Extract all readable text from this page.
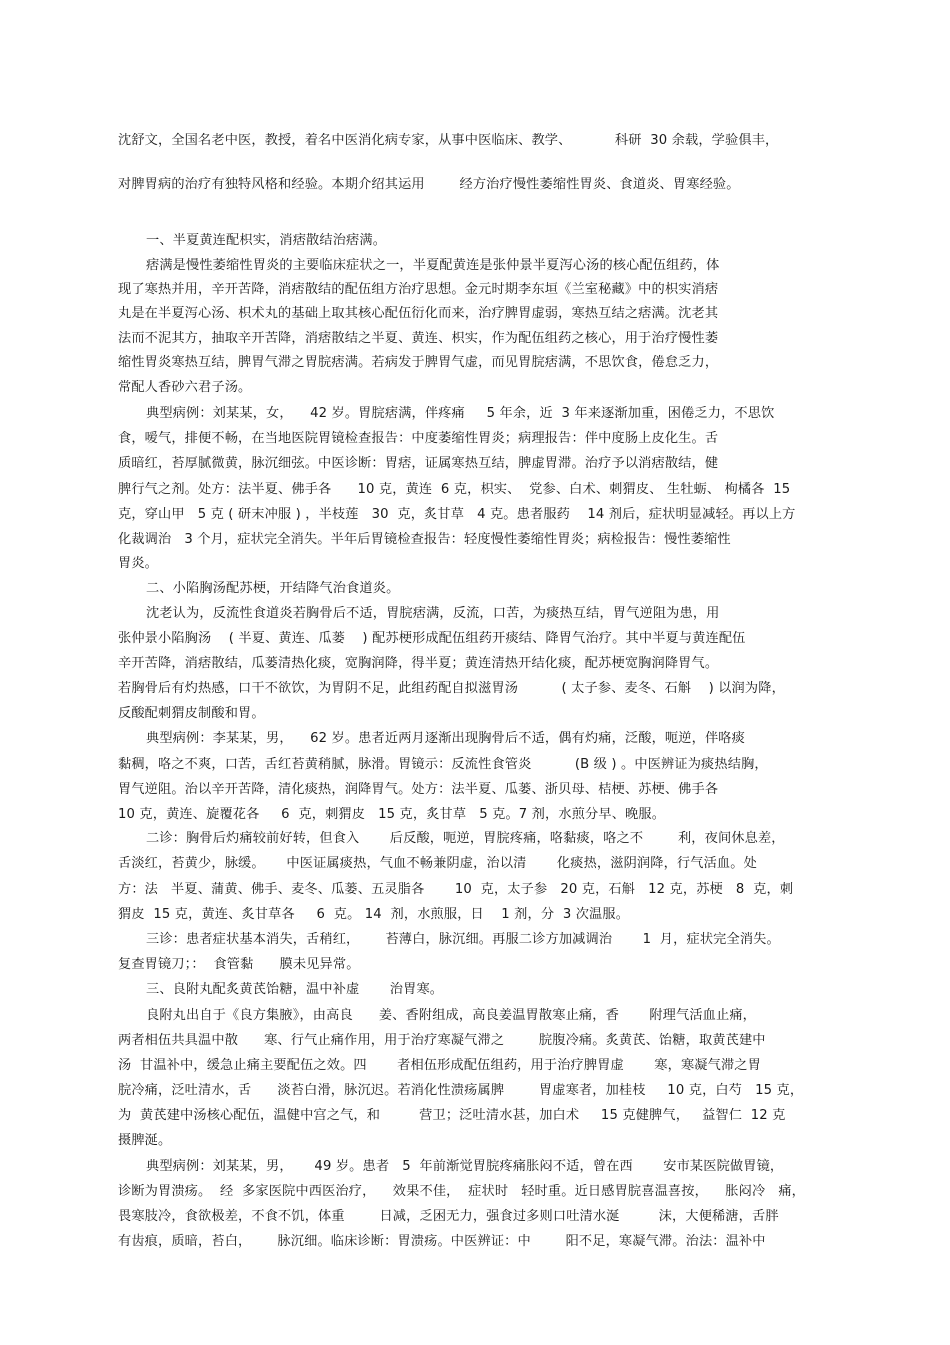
沈舒文，全国名老中医，教授，着名中医消化病专家，从事中医临床、教学、          科研  30 余载，学验俱丰，
对脾胃病的治疗有独特风格和经验。本期介绍其运用        经方治疗慢性萎缩性胃炎、食道炎、胃寒经验。
一、半夏黄连配枳实，消痞散结治痞满。
痞满是慢性萎缩性胃炎的主要临床症状之一，半夏配黄连是张仲景半夏泻心汤的核心配伍组药，体
现了寒热并用，辛开苦降，消痞散结的配伍组方治疗思想。金元时期李东垣《兰室秘藏》中的枳实消痞
丸是在半夏泻心汤、枳术丸的基础上取其核心配伍衍化而来，治疗脾胃虚弱，寒热互结之痞满。沈老其
法而不泥其方，抽取辛开苦降，消痞散结之半夏、黄连、枳实，作为配伍组药之核心，用于治疗慢性萎
缩性胃炎寒热互结，脾胃气滞之胃脘痞满。若病发于脾胃气虚，而见胃脘痞满，不思饮食，倦怠乏力，
常配人香砂六君子汤。
典型病例：刘某某，女，    42 岁。胃脘痞满，伴疼痛     5 年余，近  3 年来逐渐加重，困倦乏力，不思饮
食，嗳气，排便不畅，在当地医院胃镜检查报告：中度萎缩性胃炎；病理报告：伴中度肠上皮化生。舌
质暗红，苔厚腻微黄，脉沉细弦。中医诊断：胃痞，证属寒热互结，脾虚胃滞。治疗予以消痞散结，健
脾行气之剂。处方：法半夏、佛手各      10 克，黄连  6 克，枳实、  党参、白术、刺猬皮、 生牡蛎、 枸橘各  15
克，穿山甲   5 克 ( 研末冲服 ) ，半枝莲   30  克，炙甘草   4 克。患者服药    14 剂后，症状明显减轻。再以上方
化裁调治   3 个月，症状完全消失。半年后胃镜检查报告：轻度慢性萎缩性胃炎；病检报告：慢性萎缩性
胃炎。
二、小陷胸汤配苏梗，开结降气治食道炎。
沈老认为，反流性食道炎若胸骨后不适，胃脘痞满，反流，口苦，为痰热互结，胃气逆阻为患，用
张仲景小陷胸汤    ( 半夏、黄连、瓜蒌    ) 配苏梗形成配伍组药开痰结、降胃气治疗。其中半夏与黄连配伍
辛开苦降，消痞散结，瓜蒌清热化痰，宽胸润降，得半夏；黄连清热开结化痰，配苏梗宽胸润降胃气。
若胸骨后有灼热感，口干不欲饮，为胃阴不足，此组药配自拟滋胃汤          ( 太子参、麦冬、石斛    ) 以润为降，
反酸配刺猬皮制酸和胃。
典型病例：李某某，男，    62 岁。患者近两月逐渐出现胸骨后不适，偶有灼痛，泛酸，呃逆，伴咯痰
黏稠，咯之不爽，口苦，舌红苔黄稍腻，脉滑。胃镜示：反流性食管炎          (B 级 ) 。中医辨证为痰热结胸，
胃气逆阻。治以辛开苦降，清化痰热，润降胃气。处方：法半夏、瓜蒌、浙贝母、桔梗、苏梗、佛手各
10 克，黄连、旋覆花各     6  克，刺猬皮   15 克，炙甘草   5 克。7 剂，水煎分早、晚服。
二诊：胸骨后灼痛较前好转，但食入       后反酸，呃逆，胃脘疼痛，咯黏痰，咯之不        利，夜间休息差，
舌淡红，苔黄少，脉缓。     中医证属痰热，气血不畅兼阴虚，治以清       化痰热，滋阴润降，行气活血。处
方：法   半夏、蒲黄、佛手、麦冬、瓜蒌、五灵脂各       10  克，太子参   20 克，石斛   12 克，苏梗   8  克，刺
猬皮  15 克，黄连、炙甘草各     6  克。 14  剂，水煎服，日    1 剂，分  3 次温服。
三诊：患者症状基本消失，舌稍红，      苔薄白，脉沉细。再服二诊方加减调治       1  月，症状完全消失。
复查胃镜刀；：  食管黏      膜未见异常。
三、良附丸配炙黄芪饴糖，温中补虚       治胃寒。
良附丸出自于《良方集腋》，由高良      姜、香附组成，高良姜温胃散寒止痛，香       附理气活血止痛，
两者相伍共具温中散      寒、行气止痛作用，用于治疗寒凝气滞之        脘腹冷痛。炙黄芪、饴糖，取黄芪建中
汤  甘温补中，缓急止痛主要配伍之效。四       者相伍形成配伍组药，用于治疗脾胃虚       寒，寒凝气滞之胃
脘冷痛，泛吐清水，舌      淡苔白滑，脉沉迟。若消化性溃疡属脾        胃虚寒者，加桂枝     10 克，白芍   15 克，
为  黄芪建中汤核心配伍，温健中宫之气，和         营卫；泛吐清水甚，加白术     15 克健脾气，   益智仁  12 克
摄脾涎。
典型病例：刘某某，男，     49 岁。患者   5  年前渐觉胃脘疼痛胀闷不适，曾在西       安市某医院做胃镜，
诊断为胃溃疡。  经  多家医院中西医治疗，    效果不佳，  症状时   轻时重。近日感胃脘喜温喜按，    胀闷冷   痛，
畏寒肢冷，食欲极差，不食不饥，体重        日减，乏困无力，强食过多则口吐清水涎         沫，大便稀溏，舌胖
有齿痕，质暗，苔白，      脉沉细。临床诊断：胃溃疡。中医辨证：中        阳不足，寒凝气滞。治法：温补中
